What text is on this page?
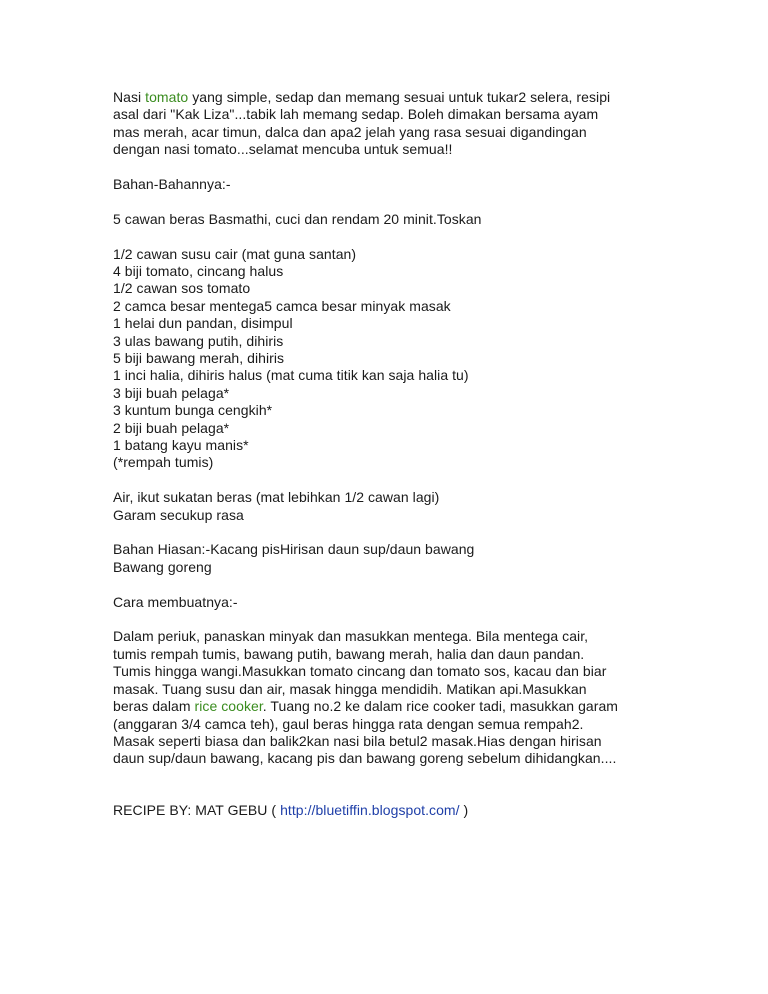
Nasi tomato yang simple, sedap dan memang sesuai untuk tukar2 selera, resipi
asal dari "Kak Liza"...tabik lah memang sedap. Boleh dimakan bersama ayam
mas merah, acar timun, dalca dan apa2 jelah yang rasa sesuai digandingan
dengan nasi tomato...selamat mencuba untuk semua!!
Bahan-Bahannya:-
5 cawan beras Basmathi, cuci dan rendam 20 minit.Toskan
1/2 cawan susu cair (mat guna santan)
4 biji tomato, cincang halus
1/2 cawan sos tomato
2 camca besar mentega5 camca besar minyak masak
1 helai dun pandan, disimpul
3 ulas bawang putih, dihiris
5 biji bawang merah, dihiris
1 inci halia, dihiris halus (mat cuma titik kan saja halia tu)
3 biji buah pelaga*
3 kuntum bunga cengkih*
2 biji buah pelaga*
1 batang kayu manis*
(*rempah tumis)
Air, ikut sukatan beras (mat lebihkan 1/2 cawan lagi)
Garam secukup rasa
Bahan Hiasan:-Kacang pisHirisan daun sup/daun bawang
Bawang goreng
Cara membuatnya:-
Dalam periuk, panaskan minyak dan masukkan mentega. Bila mentega cair,
tumis rempah tumis, bawang putih, bawang merah, halia dan daun pandan.
Tumis hingga wangi.Masukkan tomato cincang dan tomato sos, kacau dan biar
masak. Tuang susu dan air, masak hingga mendidih. Matikan api.Masukkan
beras dalam rice cooker. Tuang no.2 ke dalam rice cooker tadi, masukkan garam
(anggaran 3/4 camca teh), gaul beras hingga rata dengan semua rempah2.
Masak seperti biasa dan balik2kan nasi bila betul2 masak.Hias dengan hirisan
daun sup/daun bawang, kacang pis dan bawang goreng sebelum dihidangkan....
RECIPE BY: MAT GEBU ( http://bluetiffin.blogspot.com/ )
